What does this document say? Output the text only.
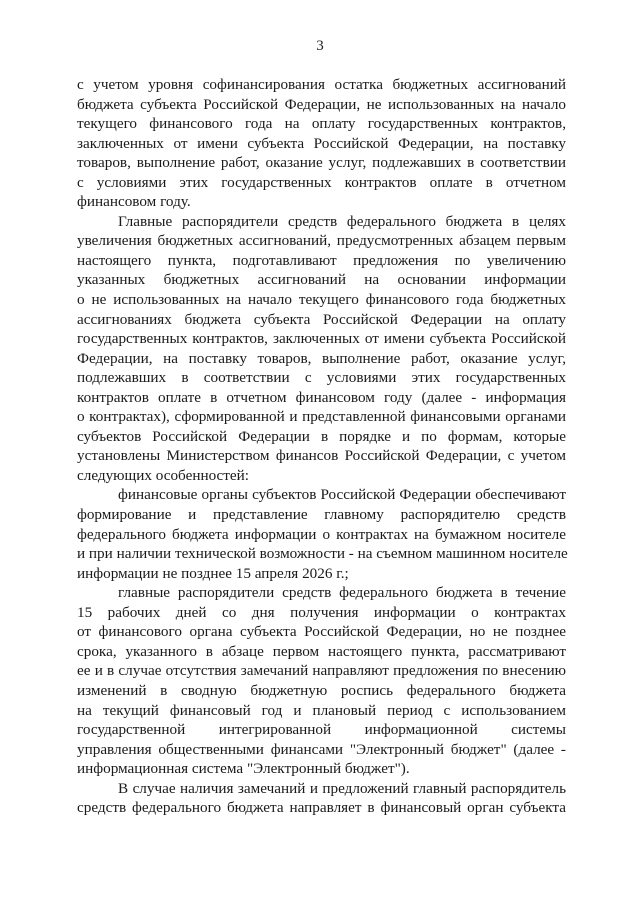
3
с учетом уровня софинансирования остатка бюджетных ассигнований
бюджета субъекта Российской Федерации, не использованных на начало
текущего финансового года на оплату государственных контрактов,
заключенных от имени субъекта Российской Федерации, на поставку
товаров, выполнение работ, оказание услуг, подлежавших в соответствии
с условиями этих государственных контрактов оплате в отчетном
финансовом году.
Главные распорядители средств федерального бюджета в целях
увеличения бюджетных ассигнований, предусмотренных абзацем первым
настоящего пункта, подготавливают предложения по увеличению
указанных бюджетных ассигнований на основании информации
о не использованных на начало текущего финансового года бюджетных
ассигнованиях бюджета субъекта Российской Федерации на оплату
государственных контрактов, заключенных от имени субъекта Российской
Федерации, на поставку товаров, выполнение работ, оказание услуг,
подлежавших в соответствии с условиями этих государственных
контрактов оплате в отчетном финансовом году (далее - информация
о контрактах), сформированной и представленной финансовыми органами
субъектов Российской Федерации в порядке и по формам, которые
установлены Министерством финансов Российской Федерации, с учетом
следующих особенностей:
финансовые органы субъектов Российской Федерации обеспечивают
формирование и представление главному распорядителю средств
федерального бюджета информации о контрактах на бумажном носителе
и при наличии технической возможности - на съемном машинном носителе
информации не позднее 15 апреля 2026 г.;
главные распорядители средств федерального бюджета в течение
15 рабочих дней со дня получения информации о контрактах
от финансового органа субъекта Российской Федерации, но не позднее
срока, указанного в абзаце первом настоящего пункта, рассматривают
ее и в случае отсутствия замечаний направляют предложения по внесению
изменений в сводную бюджетную роспись федерального бюджета
на текущий финансовый год и плановый период с использованием
государственной интегрированной информационной системы
управления общественными финансами "Электронный бюджет" (далее -
информационная система "Электронный бюджет").
В случае наличия замечаний и предложений главный распорядитель
средств федерального бюджета направляет в финансовый орган субъекта
